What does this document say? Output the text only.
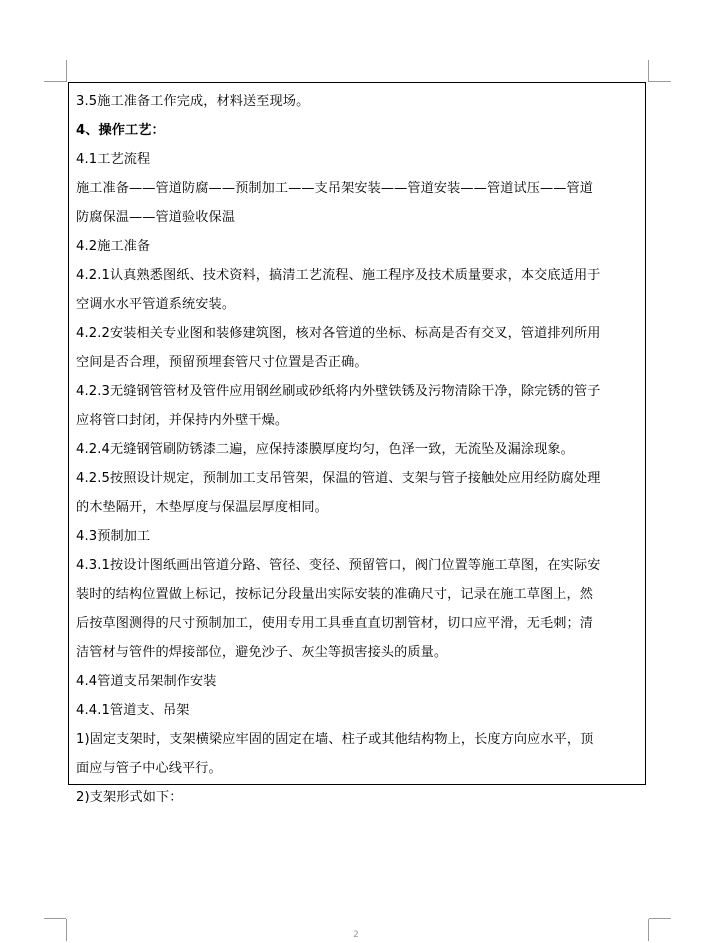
3.5施工准备工作完成，材料送至现场。
4、操作工艺：
4.1工艺流程
施工准备——管道防腐——预制加工——支吊架安装——管道安装——管道试压——管道
防腐保温——管道验收保温
4.2施工准备
4.2.1认真熟悉图纸、技术资料，搞清工艺流程、施工程序及技术质量要求，本交底适用于
空调水水平管道系统安装。
4.2.2安装相关专业图和装修建筑图，核对各管道的坐标、标高是否有交叉，管道排列所用
空间是否合理，预留预埋套管尺寸位置是否正确。
4.2.3无缝钢管管材及管件应用钢丝刷或砂纸将内外壁铁锈及污物清除干净，除完锈的管子
应将管口封闭，并保持内外壁干燥。
4.2.4无缝钢管刷防锈漆二遍，应保持漆膜厚度均匀，色泽一致，无流坠及漏涂现象。
4.2.5按照设计规定，预制加工支吊管架，保温的管道、支架与管子接触处应用经防腐处理
的木垫隔开，木垫厚度与保温层厚度相同。
4.3预制加工
4.3.1按设计图纸画出管道分路、管径、变径、预留管口，阀门位置等施工草图，在实际安
装时的结构位置做上标记，按标记分段量出实际安装的准确尺寸，记录在施工草图上，然
后按草图测得的尺寸预制加工，使用专用工具垂直直切割管材，切口应平滑，无毛刺；清
洁管材与管件的焊接部位，避免沙子、灰尘等损害接头的质量。
4.4管道支吊架制作安装
4.4.1管道支、吊架
1)固定支架时，支架横梁应牢固的固定在墙、柱子或其他结构物上，长度方向应水平，顶
面应与管子中心线平行。
2)支架形式如下：
2
